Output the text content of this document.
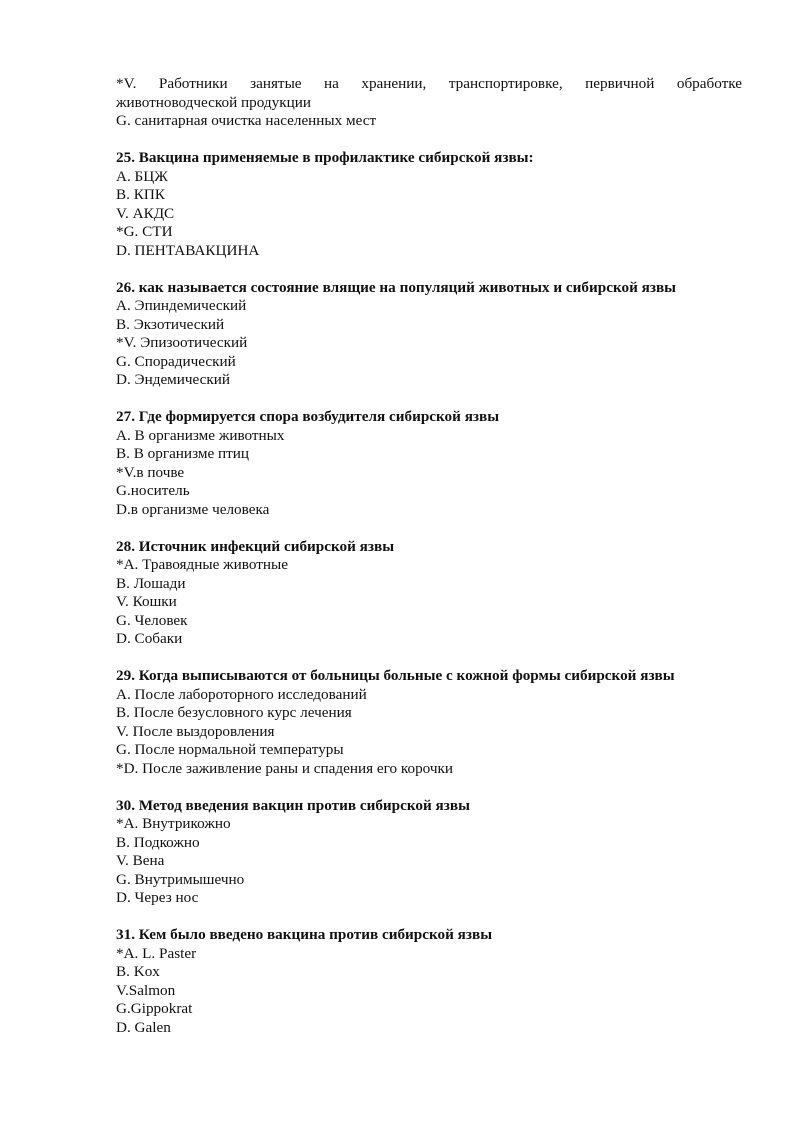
*V. Работники занятые на хранении, транспортировке, первичной обработке
животноводческой продукции
G. санитарная очистка населенных мест
25. Вакцина применяемые в профилактике сибирской язвы:
A. БЦЖ
B. КПК
V. АКДС
*G. СТИ
D. ПЕНТАВАКЦИНА
26. как называется состояние влящие на популяций животных и сибирской язвы
A. Эпиндемический
B. Экзотический
*V. Эпизоотический
G. Спорадический
D. Эндемический
27. Где формируется спора возбудителя сибирской язвы
A. В организме животных
B. В организме птиц
*V.в почве
G.носитель
D.в организме человека
28. Источник инфекций сибирской язвы
*A. Травоядные животные
B. Лошади
V. Кошки
G. Человек
D. Собаки
29. Когда выписываются от больницы больные с кожной формы сибирской язвы
A. После лабороторного исследований
B. После безусловного курс лечения
V. После выздоровления
G. После нормальной температуры
*D. После заживление раны и спадения его корочки
30. Метод введения вакцин против сибирской язвы
*A. Внутрикожно
B. Подкожно
V. Вена
G. Внутримышечно
D. Через нос
31. Кем было введено вакцина против сибирской язвы
*A. L. Paster
B. Kox
V.Salmon
G.Gippokrat
D. Galen
